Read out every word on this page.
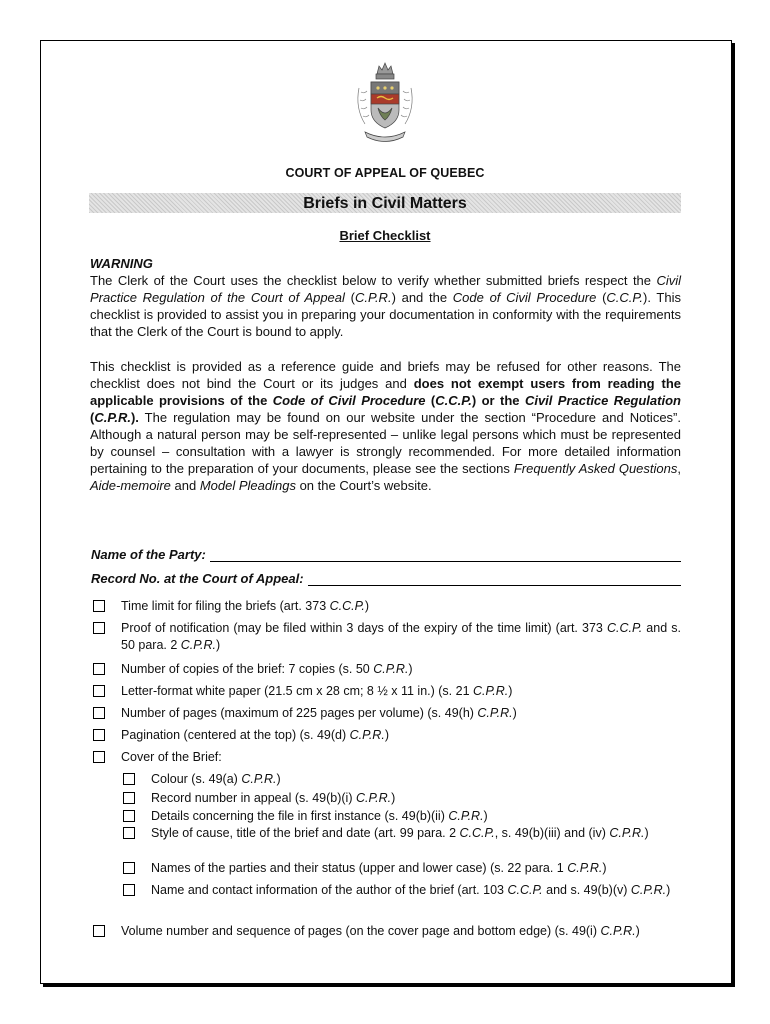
COURT OF APPEAL OF QUEBEC
Briefs in Civil Matters
Brief Checklist

WARNING
The Clerk of the Court uses the checklist below to verify whether submitted briefs respect the Civil Practice Regulation of the Court of Appeal (C.P.R.) and the Code of Civil Procedure (C.C.P.). This checklist is provided to assist you in preparing your documentation in conformity with the requirements that the Clerk of the Court is bound to apply.

This checklist is provided as a reference guide and briefs may be refused for other reasons. The checklist does not bind the Court or its judges and does not exempt users from reading the applicable provisions of the Code of Civil Procedure (C.C.P.) or the Civil Practice Regulation (C.P.R.). The regulation may be found on our website under the section “Procedure and Notices”. Although a natural person may be self-represented – unlike legal persons which must be represented by counsel – consultation with a lawyer is strongly recommended. For more detailed information pertaining to the preparation of your documents, please see the sections Frequently Asked Questions, Aide-memoire and Model Pleadings on the Court’s website.

Name of the Party:
Record No. at the Court of Appeal:
Time limit for filing the briefs (art. 373 C.C.P.)
Proof of notification (may be filed within 3 days of the expiry of the time limit) (art. 373 C.C.P. and s. 50 para. 2 C.P.R.)
Number of copies of the brief: 7 copies (s. 50 C.P.R.)
Letter-format white paper (21.5 cm x 28 cm; 8 ½ x 11 in.) (s. 21 C.P.R.)
Number of pages (maximum of 225 pages per volume) (s. 49(h) C.P.R.)
Pagination (centered at the top) (s. 49(d) C.P.R.)
Cover of the Brief:
Colour (s. 49(a) C.P.R.)
Record number in appeal (s. 49(b)(i) C.P.R.)
Details concerning the file in first instance (s. 49(b)(ii) C.P.R.)
Style of cause, title of the brief and date (art. 99 para. 2 C.C.P., s. 49(b)(iii) and (iv) C.P.R.)
Names of the parties and their status (upper and lower case) (s. 22 para. 1 C.P.R.)
Name and contact information of the author of the brief (art. 103 C.C.P. and s. 49(b)(v) C.P.R.)
Volume number and sequence of pages (on the cover page and bottom edge) (s. 49(i) C.P.R.)
